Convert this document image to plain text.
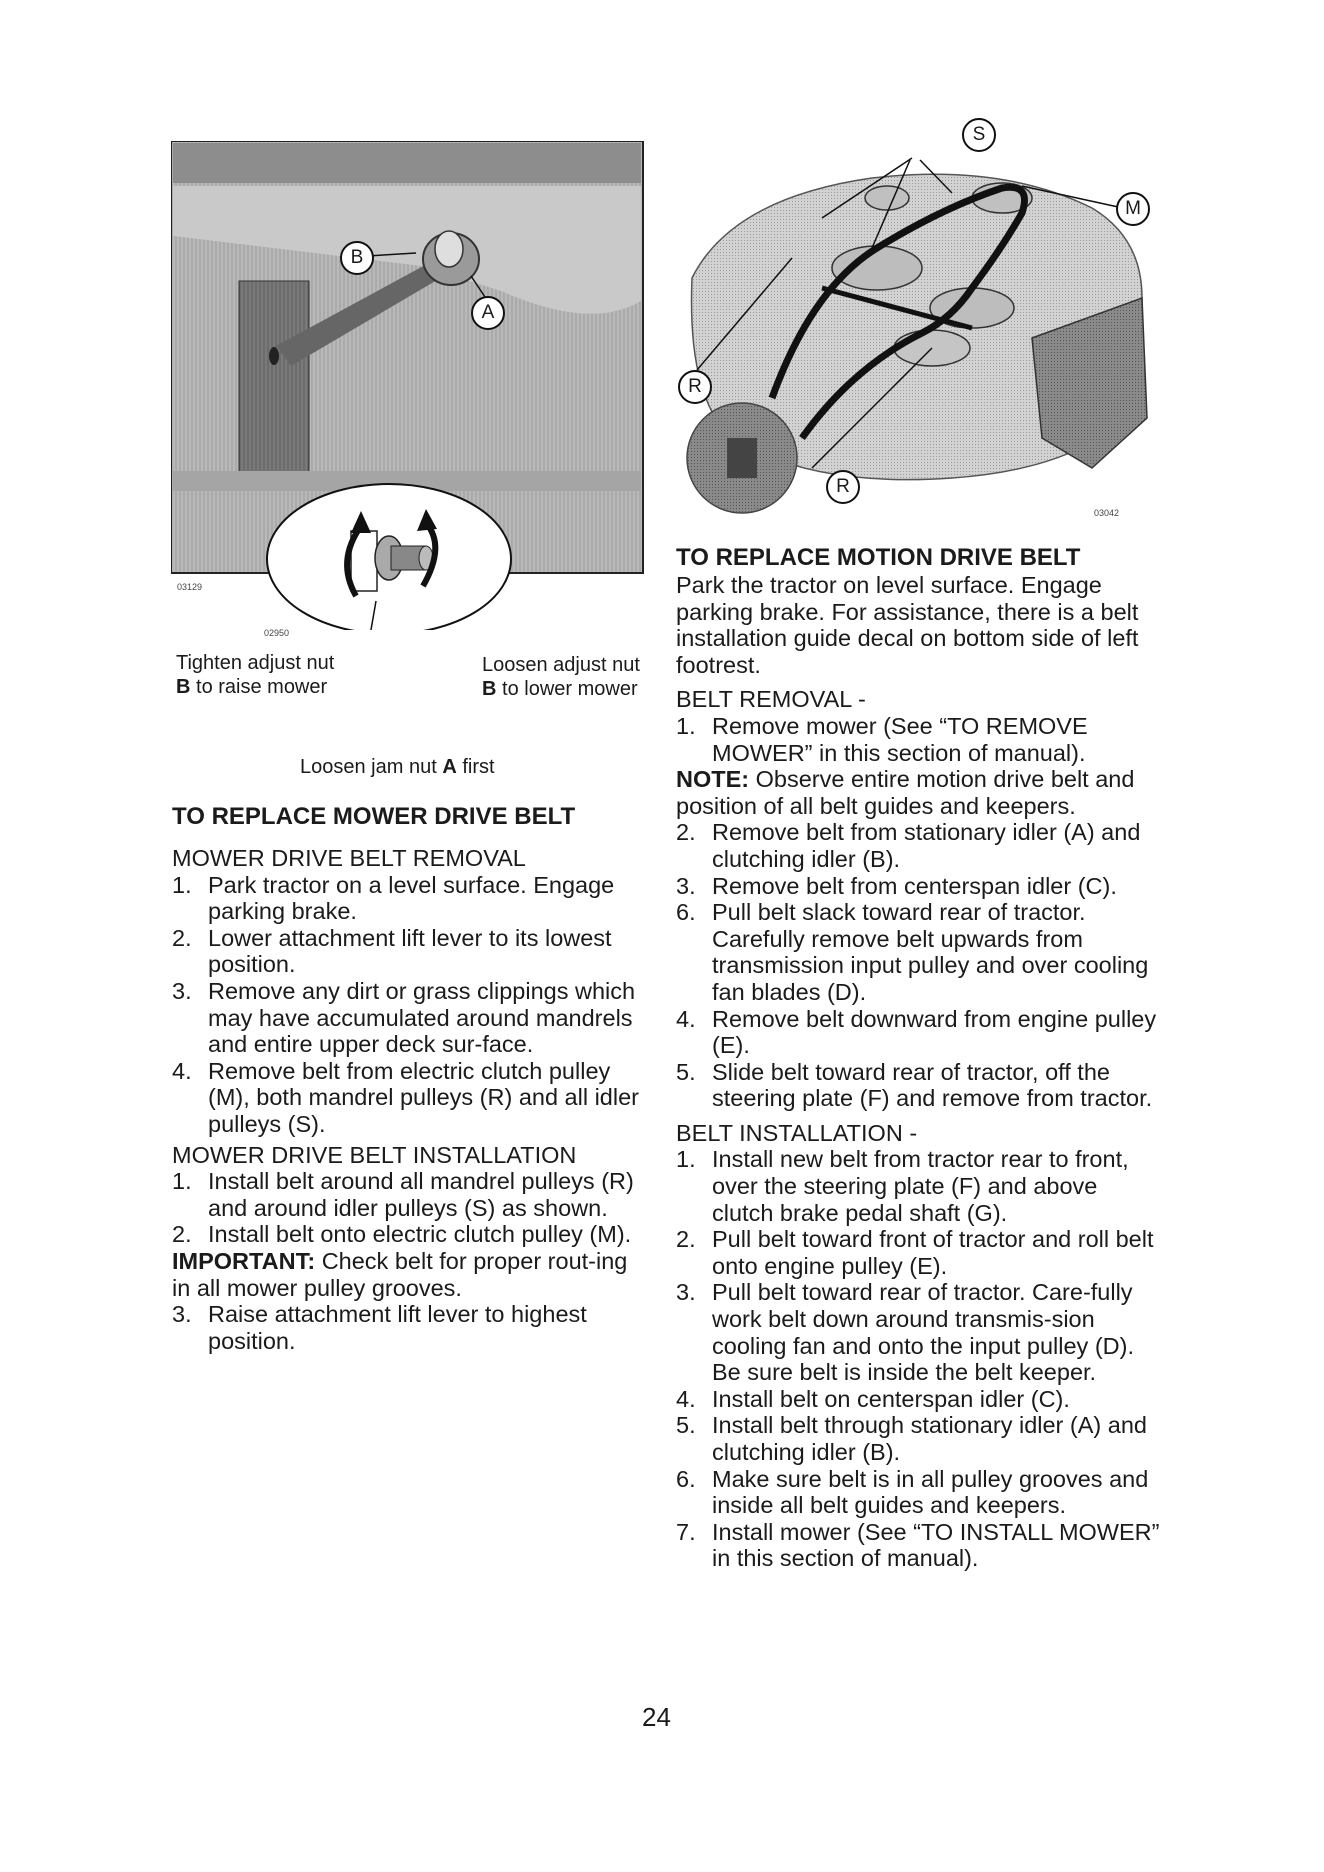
B
A
03129
02950
Tighten adjust nut
B to raise mower
Loosen adjust nut
B to lower mower
Loosen jam nut A first
S
M
R
R
03042

TO REPLACE MOWER DRIVE BELT

MOWER DRIVE BELT REMOVAL

1. Park tractor on a level surface. Engage parking brake.
2. Lower attachment lift lever to its lowest position.
3. Remove any dirt or grass clippings which may have accumulated around mandrels and entire upper deck sur-face.
4. Remove belt from electric clutch pulley (M), both mandrel pulleys (R) and all idler pulleys (S).

MOWER DRIVE BELT INSTALLATION

1. Install belt around all mandrel pulleys (R) and around idler pulleys (S) as shown.
2. Install belt onto electric clutch pulley (M).

IMPORTANT: Check belt for proper rout-ing in all mower pulley grooves.

3. Raise attachment lift lever to highest position.

TO REPLACE MOTION DRIVE BELT

Park the tractor on level surface. Engage parking brake. For assistance, there is a belt installation guide decal on bottom side of left footrest.

BELT REMOVAL -

1. Remove mower (See “TO REMOVE MOWER” in this section of manual).

NOTE: Observe entire motion drive belt and position of all belt guides and keepers.

2. Remove belt from stationary idler (A) and clutching idler (B).
3. Remove belt from centerspan idler (C).
6. Pull belt slack toward rear of tractor. Carefully remove belt upwards from transmission input pulley and over cooling fan blades (D).
4. Remove belt downward from engine pulley (E).
5. Slide belt toward rear of tractor, off the steering plate (F) and remove from tractor.

BELT INSTALLATION -

1. Install new belt from tractor rear to front, over the steering plate (F) and above clutch brake pedal shaft (G).
2. Pull belt toward front of tractor and roll belt onto engine pulley (E).
3. Pull belt toward rear of tractor. Care-fully work belt down around transmis-sion cooling fan and onto the input pulley (D). Be sure belt is inside the belt keeper.
4. Install belt on centerspan idler (C).
5. Install belt through stationary idler (A) and clutching idler (B).
6. Make sure belt is in all pulley grooves and inside all belt guides and keepers.
7. Install mower (See “TO INSTALL MOWER” in this section of manual).
24
